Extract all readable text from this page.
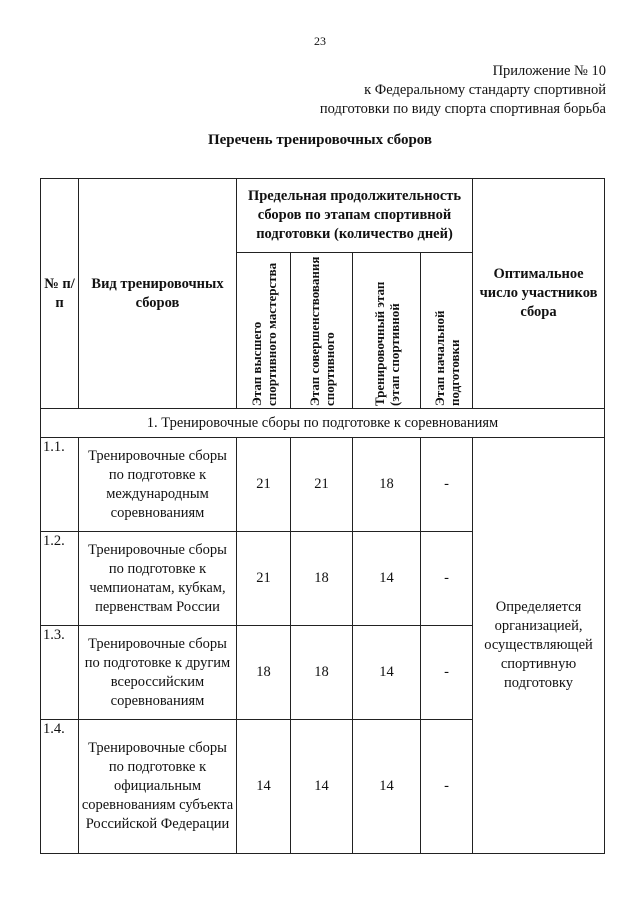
23
Приложение № 10
к Федеральному стандарту спортивной
подготовки по виду спорта спортивная борьба
Перечень тренировочных сборов
№ п/п	Вид тренировочных сборов	Предельная продолжительность сборов по этапам спортивной подготовки (количество дней)				Оптимальное число участников сбора

		Этап высшего спортивного мастерства	Этап совершенствования спортивного	Тренировочный этап (этап спортивной	Этап начальной подготовки	

1. Тренировочные сборы по подготовке к соревнованиям						
1.1.	Тренировочные сборы по подготовке к международным соревнованиям	21	21	18	-	Определяется организацией, осуществляющей спортивную подготовку
1.2.	Тренировочные сборы по подготовке к чемпионатам, кубкам, первенствам России	21	18	14	-	
1.3.	Тренировочные сборы по подготовке к другим всероссийским соревнованиям	18	18	14	-	
1.4.	Тренировочные сборы по подготовке к официальным соревнованиям субъекта Российской Федерации	14	14	14	-	
